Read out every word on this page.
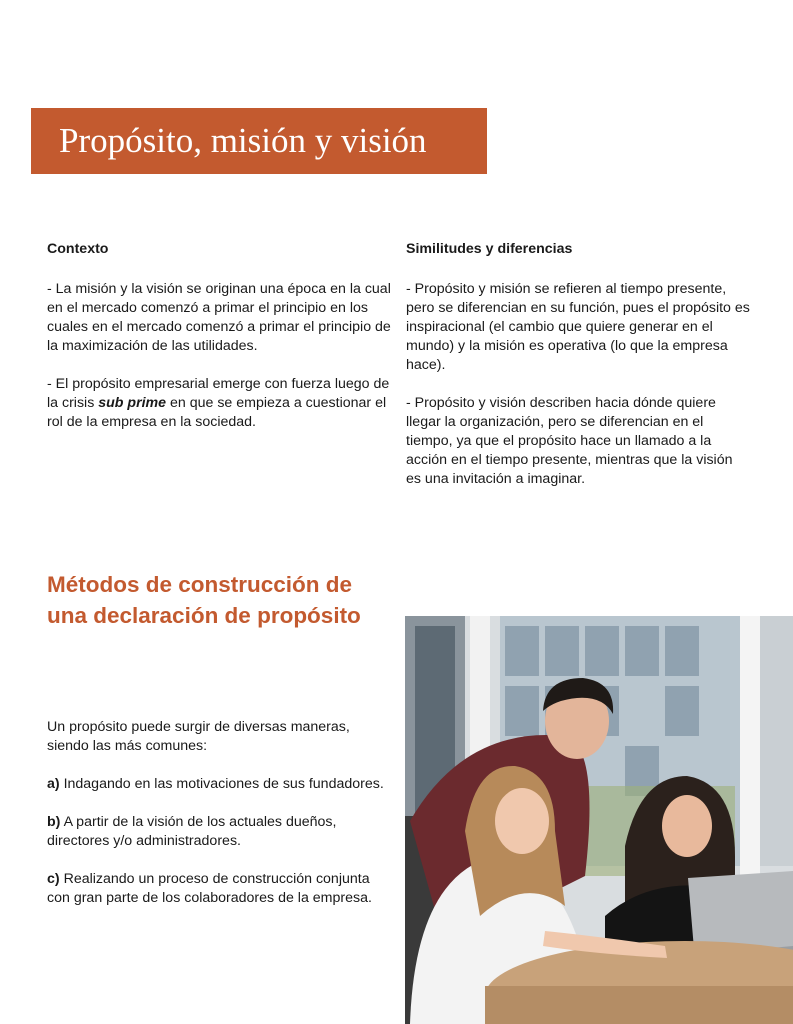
Propósito, misión y visión
Contexto

- La misión y la visión se originan una época en la cual en el mercado comenzó a primar el principio en los cuales en el mercado comenzó a primar el principio de la maximización de las utilidades.

- El propósito empresarial emerge con fuerza luego de la crisis sub prime en que se empieza a cuestionar el rol de la empresa en la sociedad.

Similitudes y diferencias

- Propósito y misión se refieren al tiempo presente, pero se diferencian en su función, pues el propósito es inspiracional (el cambio que quiere generar en el mundo) y la misión es operativa (lo que la empresa hace).

- Propósito y visión describen hacia dónde quiere llegar la organización, pero se diferencian en el tiempo, ya que el propósito hace un llamado a la acción en el tiempo presente, mientras que la visión es una invitación a imaginar.

Métodos de construcción de una declaración de propósito

Un propósito puede surgir de diversas maneras, siendo las más comunes:

a) Indagando en las motivaciones de sus fundadores.

b) A partir de la visión de los actuales dueños, directores y/o administradores.

c) Realizando un proceso de construcción conjunta con gran parte de los colaboradores de la empresa.
